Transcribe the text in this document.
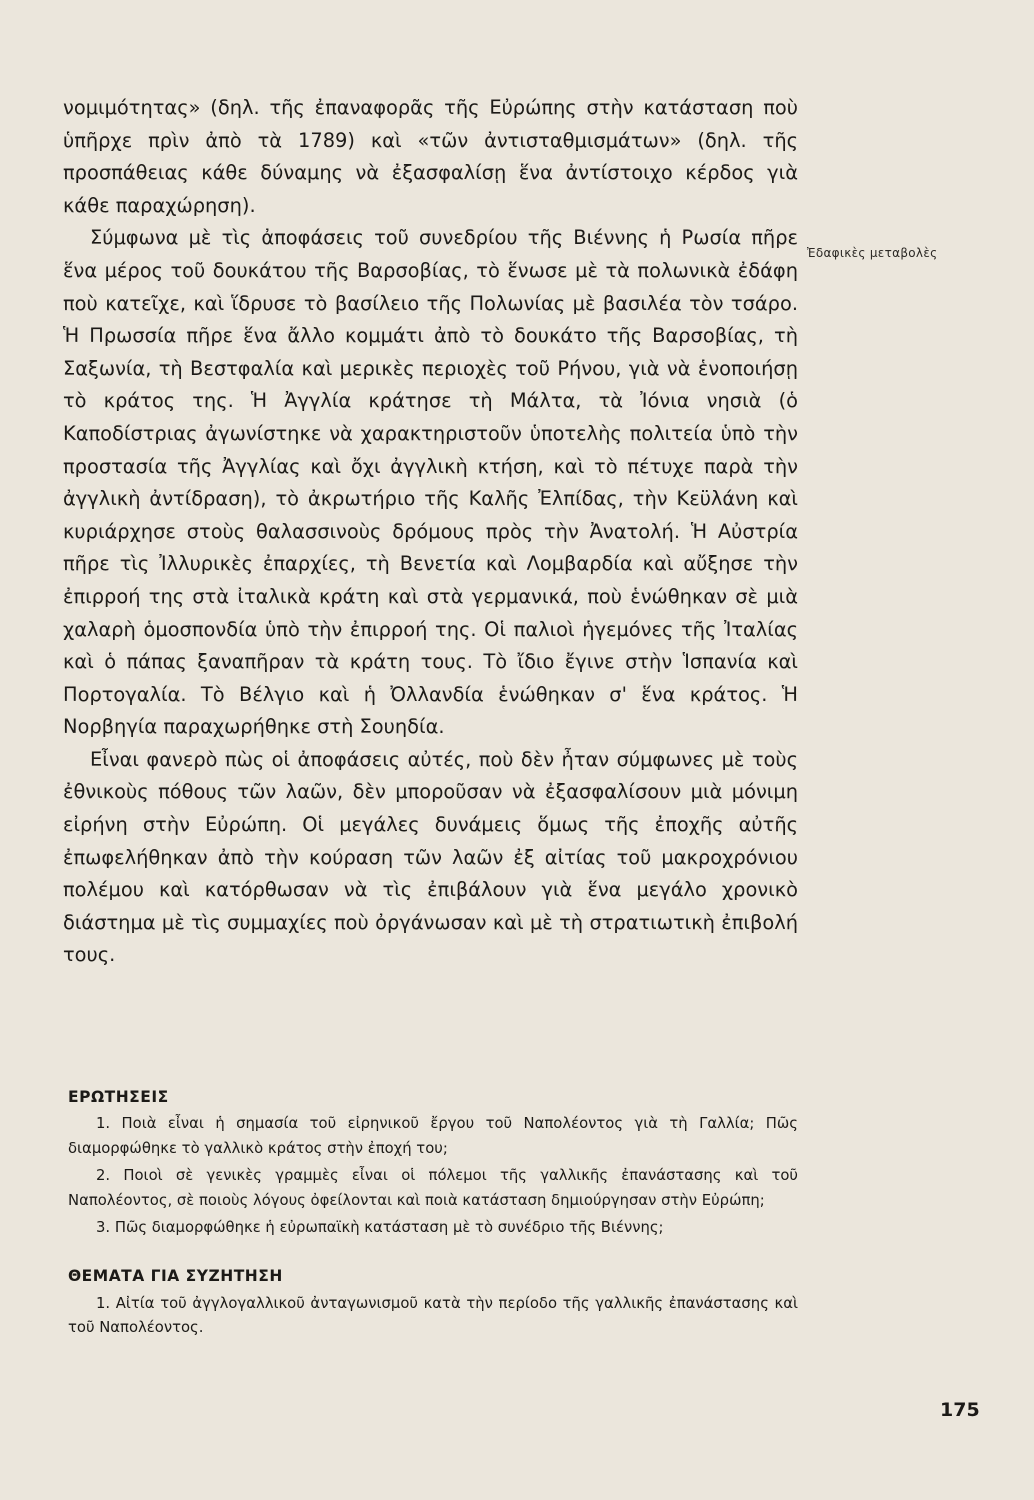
νομιμότητας» (δηλ. τῆς ἐπαναφορᾶς τῆς Εὐρώπης στὴν κατάσταση ποὺ ὑπῆρχε πρὶν ἀπὸ τὰ 1789) καὶ «τῶν ἀντισταθμισμάτων» (δηλ. τῆς προσπάθειας κάθε δύναμης νὰ ἐξασφαλίσῃ ἕνα ἀντίστοιχο κέρδος γιὰ κάθε παραχώρηση).

Σύμφωνα μὲ τὶς ἀποφάσεις τοῦ συνεδρίου τῆς Βιέννης ἡ Ρωσία πῆρε ἕνα μέρος τοῦ δουκάτου τῆς Βαρσοβίας, τὸ ἕνωσε μὲ τὰ πολωνικὰ ἐδάφη ποὺ κατεῖχε, καὶ ἵδρυσε τὸ βασίλειο τῆς Πολωνίας μὲ βασιλέα τὸν τσάρο. Ἡ Πρωσσία πῆρε ἕνα ἄλλο κομμάτι ἀπὸ τὸ δουκάτο τῆς Βαρσοβίας, τὴ Σαξωνία, τὴ Βεστφαλία καὶ μερικὲς περιοχὲς τοῦ Ρήνου, γιὰ νὰ ἑνοποιήσῃ τὸ κράτος της. Ἡ Ἀγγλία κράτησε τὴ Μάλτα, τὰ Ἰόνια νησιὰ (ὁ Καποδίστριας ἀγωνίστηκε νὰ χαρακτηριστοῦν ὑποτελὴς πολιτεία ὑπὸ τὴν προστασία τῆς Ἀγγλίας καὶ ὄχι ἀγγλικὴ κτήση, καὶ τὸ πέτυχε παρὰ τὴν ἀγγλικὴ ἀντίδραση), τὸ ἀκρωτήριο τῆς Καλῆς Ἐλπίδας, τὴν Κεϋλάνη καὶ κυριάρχησε στοὺς θαλασσινοὺς δρόμους πρὸς τὴν Ἀνατολή. Ἡ Αὐστρία πῆρε τὶς Ἰλλυρικὲς ἐπαρχίες, τὴ Βενετία καὶ Λομβαρδία καὶ αὔξησε τὴν ἐπιρροή της στὰ ἰταλικὰ κράτη καὶ στὰ γερμανικά, ποὺ ἑνώθηκαν σὲ μιὰ χαλαρὴ ὁμοσπονδία ὑπὸ τὴν ἐπιρροή της. Οἱ παλιοὶ ἡγεμόνες τῆς Ἰταλίας καὶ ὁ πάπας ξαναπῆραν τὰ κράτη τους. Τὸ ἴδιο ἔγινε στὴν Ἱσπανία καὶ Πορτογαλία. Τὸ Βέλγιο καὶ ἡ Ὀλλανδία ἑνώθηκαν σ' ἕνα κράτος. Ἡ Νορβηγία παραχωρήθηκε στὴ Σουηδία.

Εἶναι φανερὸ πὼς οἱ ἀποφάσεις αὐτές, ποὺ δὲν ἦταν σύμφωνες μὲ τοὺς ἐθνικοὺς πόθους τῶν λαῶν, δὲν μποροῦσαν νὰ ἐξασφαλίσουν μιὰ μόνιμη εἰρήνη στὴν Εὐρώπη. Οἱ μεγάλες δυνάμεις ὅμως τῆς ἐποχῆς αὐτῆς ἐπωφελήθηκαν ἀπὸ τὴν κούραση τῶν λαῶν ἐξ αἰτίας τοῦ μακροχρόνιου πολέμου καὶ κατόρθωσαν νὰ τὶς ἐπιβάλουν γιὰ ἕνα μεγάλο χρονικὸ διάστημα μὲ τὶς συμμαχίες ποὺ ὀργάνωσαν καὶ μὲ τὴ στρατιωτικὴ ἐπιβολή τους.

Ἐδαφικὲς μεταβολὲς
ΕΡΩΤΗΣΕΙΣ

1. Ποιὰ εἶναι ἡ σημασία τοῦ εἰρηνικοῦ ἔργου τοῦ Ναπολέοντος γιὰ τὴ Γαλλία; Πῶς διαμορφώθηκε τὸ γαλλικὸ κράτος στὴν ἐποχή του;

2. Ποιοὶ σὲ γενικὲς γραμμὲς εἶναι οἱ πόλεμοι τῆς γαλλικῆς ἐπανάστασης καὶ τοῦ Ναπολέοντος, σὲ ποιοὺς λόγους ὀφείλονται καὶ ποιὰ κατάσταση δημιούργησαν στὴν Εὐρώπη;

3. Πῶς διαμορφώθηκε ἡ εὐρωπαϊκὴ κατάσταση μὲ τὸ συνέδριο τῆς Βιέννης;

ΘΕΜΑΤΑ ΓΙΑ ΣΥΖΗΤΗΣΗ

1. Αἰτία τοῦ ἀγγλογαλλικοῦ ἀνταγωνισμοῦ κατὰ τὴν περίοδο τῆς γαλλικῆς ἐπανάστασης καὶ τοῦ Ναπολέοντος.

175
